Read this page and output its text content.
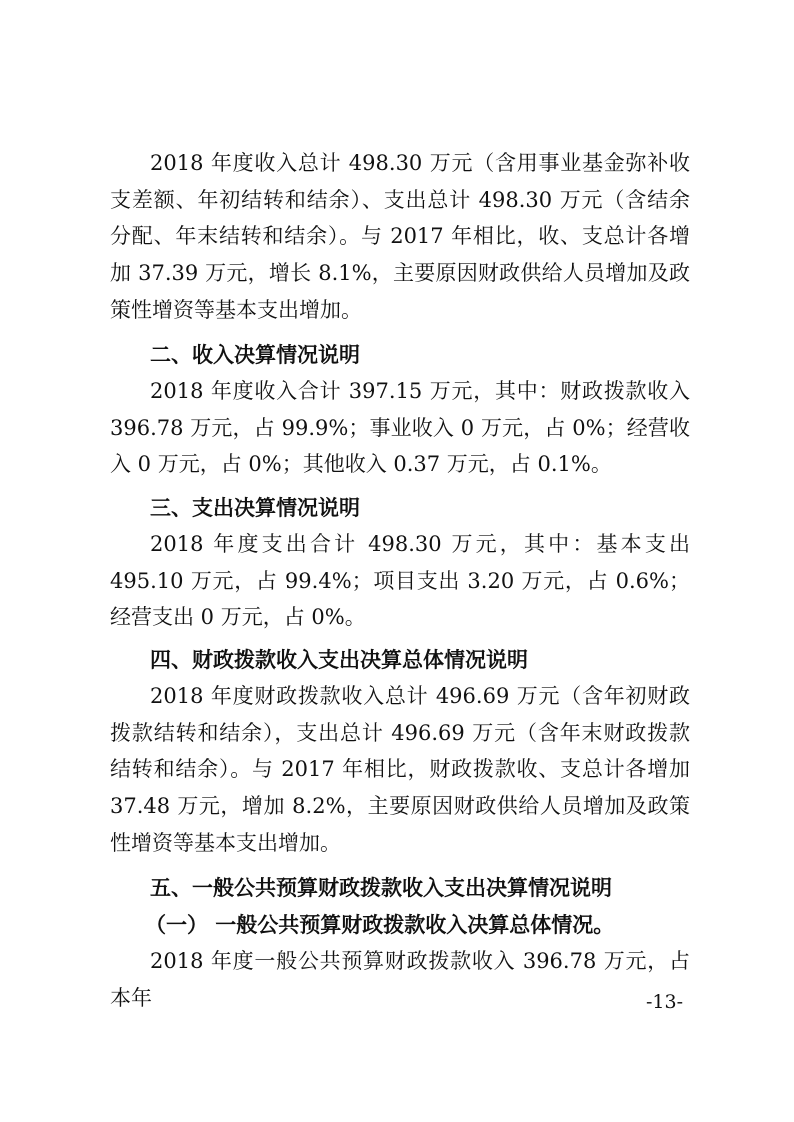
2018 年度收入总计 498.30 万元（含用事业基金弥补收支差额、年初结转和结余）、支出总计 498.30 万元（含结余分配、年末结转和结余）。与 2017 年相比，收、支总计各增加 37.39 万元，增长 8.1%，主要原因财政供给人员增加及政策性增资等基本支出增加。

二、收入决算情况说明

2018 年度收入合计 397.15 万元，其中：财政拨款收入 396.78 万元，占 99.9%；事业收入 0 万元，占 0%；经营收入 0 万元，占 0%；其他收入 0.37 万元，占 0.1%。

三、支出决算情况说明

2018 年度支出合计 498.30 万元，其中：基本支出 495.10 万元，占 99.4%；项目支出 3.20 万元，占 0.6%；经营支出 0 万元，占 0%。

四、财政拨款收入支出决算总体情况说明

2018 年度财政拨款收入总计 496.69 万元（含年初财政拨款结转和结余），支出总计 496.69 万元（含年末财政拨款结转和结余）。与 2017 年相比，财政拨款收、支总计各增加 37.48 万元，增加 8.2%，主要原因财政供给人员增加及政策性增资等基本支出增加。

五、一般公共预算财政拨款收入支出决算情况说明
（一） 一般公共预算财政拨款收入决算总体情况。

2018 年度一般公共预算财政拨款收入 396.78 万元，占本年	-13-
